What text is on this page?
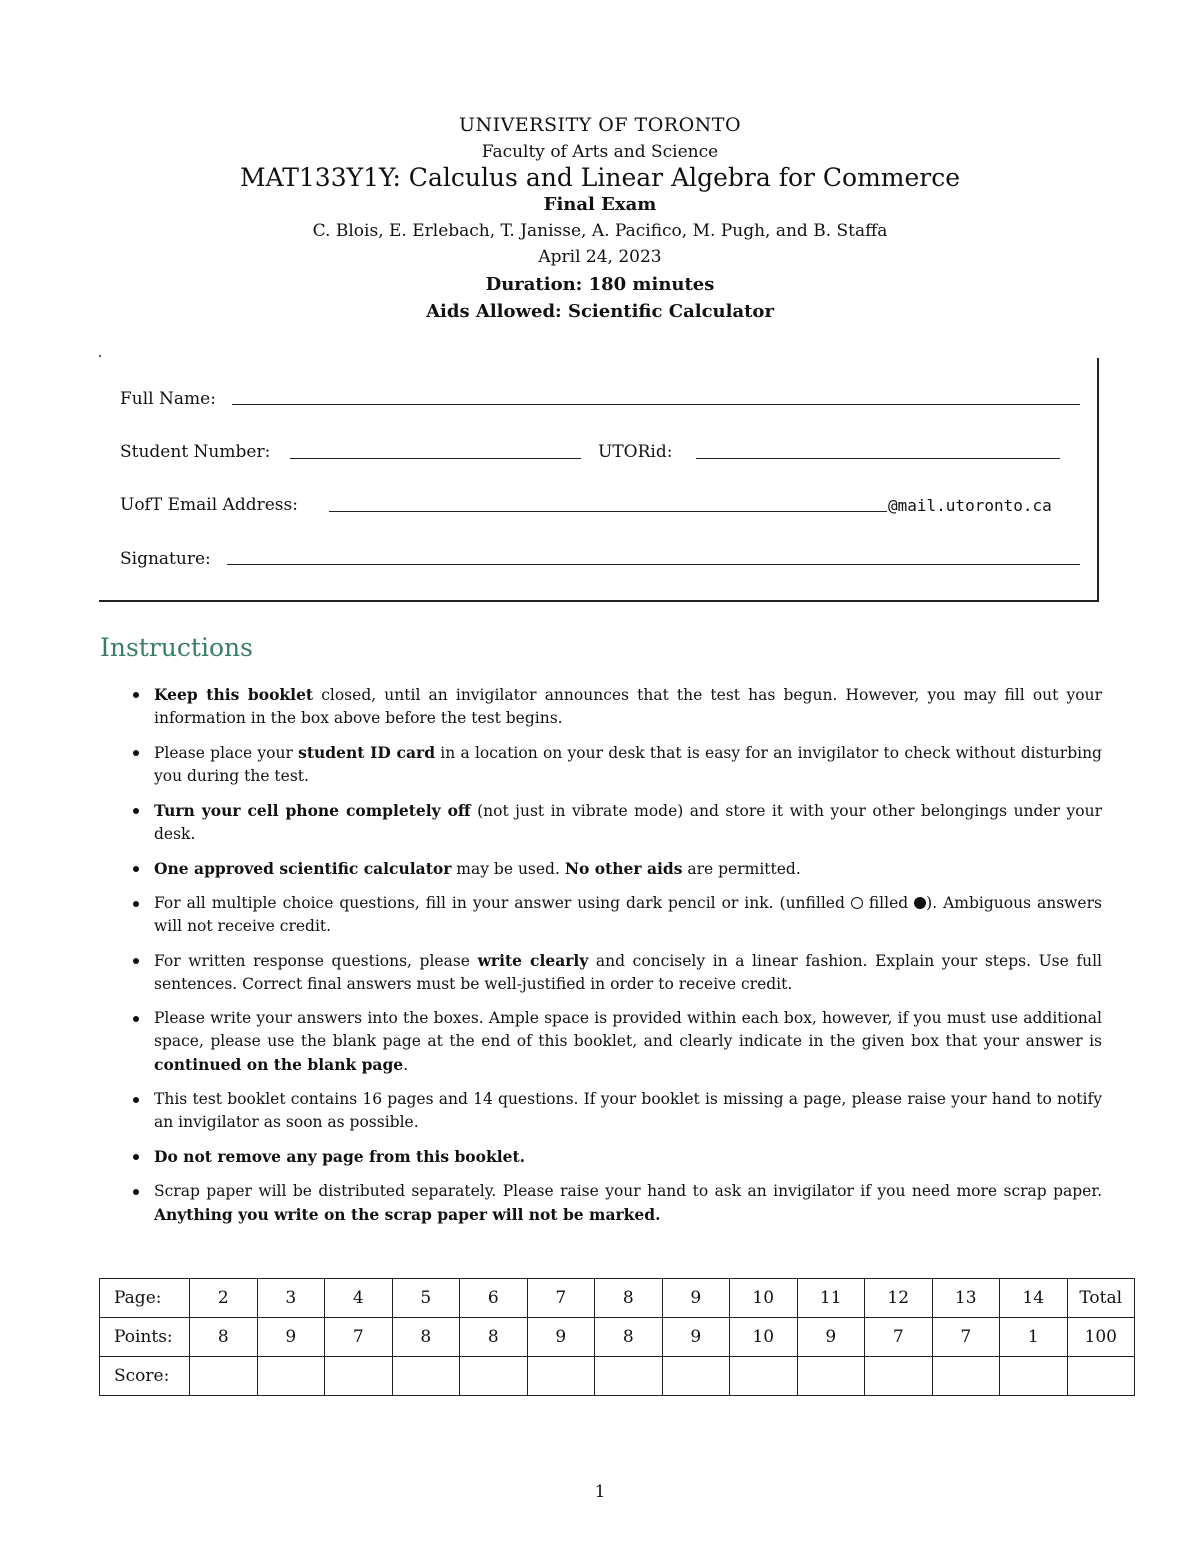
UNIVERSITY OF TORONTO
Faculty of Arts and Science
MAT133Y1Y: Calculus and Linear Algebra for Commerce
Final Exam
C. Blois, E. Erlebach, T. Janisse, A. Pacifico, M. Pugh, and B. Staffa
April 24, 2023
Duration: 180 minutes
Aids Allowed: Scientific Calculator
Full Name:
Student Number:	UTORid:
UofT Email Address:	@mail.utoronto.ca
Signature:
Instructions
Keep this booklet closed, until an invigilator announces that the test has begun. However, you may fill out your information in the box above before the test begins.
Please place your student ID card in a location on your desk that is easy for an invigilator to check without disturbing you during the test.
Turn your cell phone completely off (not just in vibrate mode) and store it with your other belongings under your desk.
One approved scientific calculator may be used. No other aids are permitted.
For all multiple choice questions, fill in your answer using dark pencil or ink. (unfilled  filled ). Ambiguous answers will not receive credit.
For written response questions, please write clearly and concisely in a linear fashion. Explain your steps. Use full sentences. Correct final answers must be well-justified in order to receive credit.
Please write your answers into the boxes. Ample space is provided within each box, however, if you must use additional space, please use the blank page at the end of this booklet, and clearly indicate in the given box that your answer is continued on the blank page.
This test booklet contains 16 pages and 14 questions. If your booklet is missing a page, please raise your hand to notify an invigilator as soon as possible.
Do not remove any page from this booklet.
Scrap paper will be distributed separately. Please raise your hand to ask an invigilator if you need more scrap paper. Anything you write on the scrap paper will not be marked.
Page:	2	3	4	5	6	7	8	9	10	11	12	13	14	Total
Points:	8	9	7	8	8	9	8	9	10	9	7	7	1	100
Score:														
1
